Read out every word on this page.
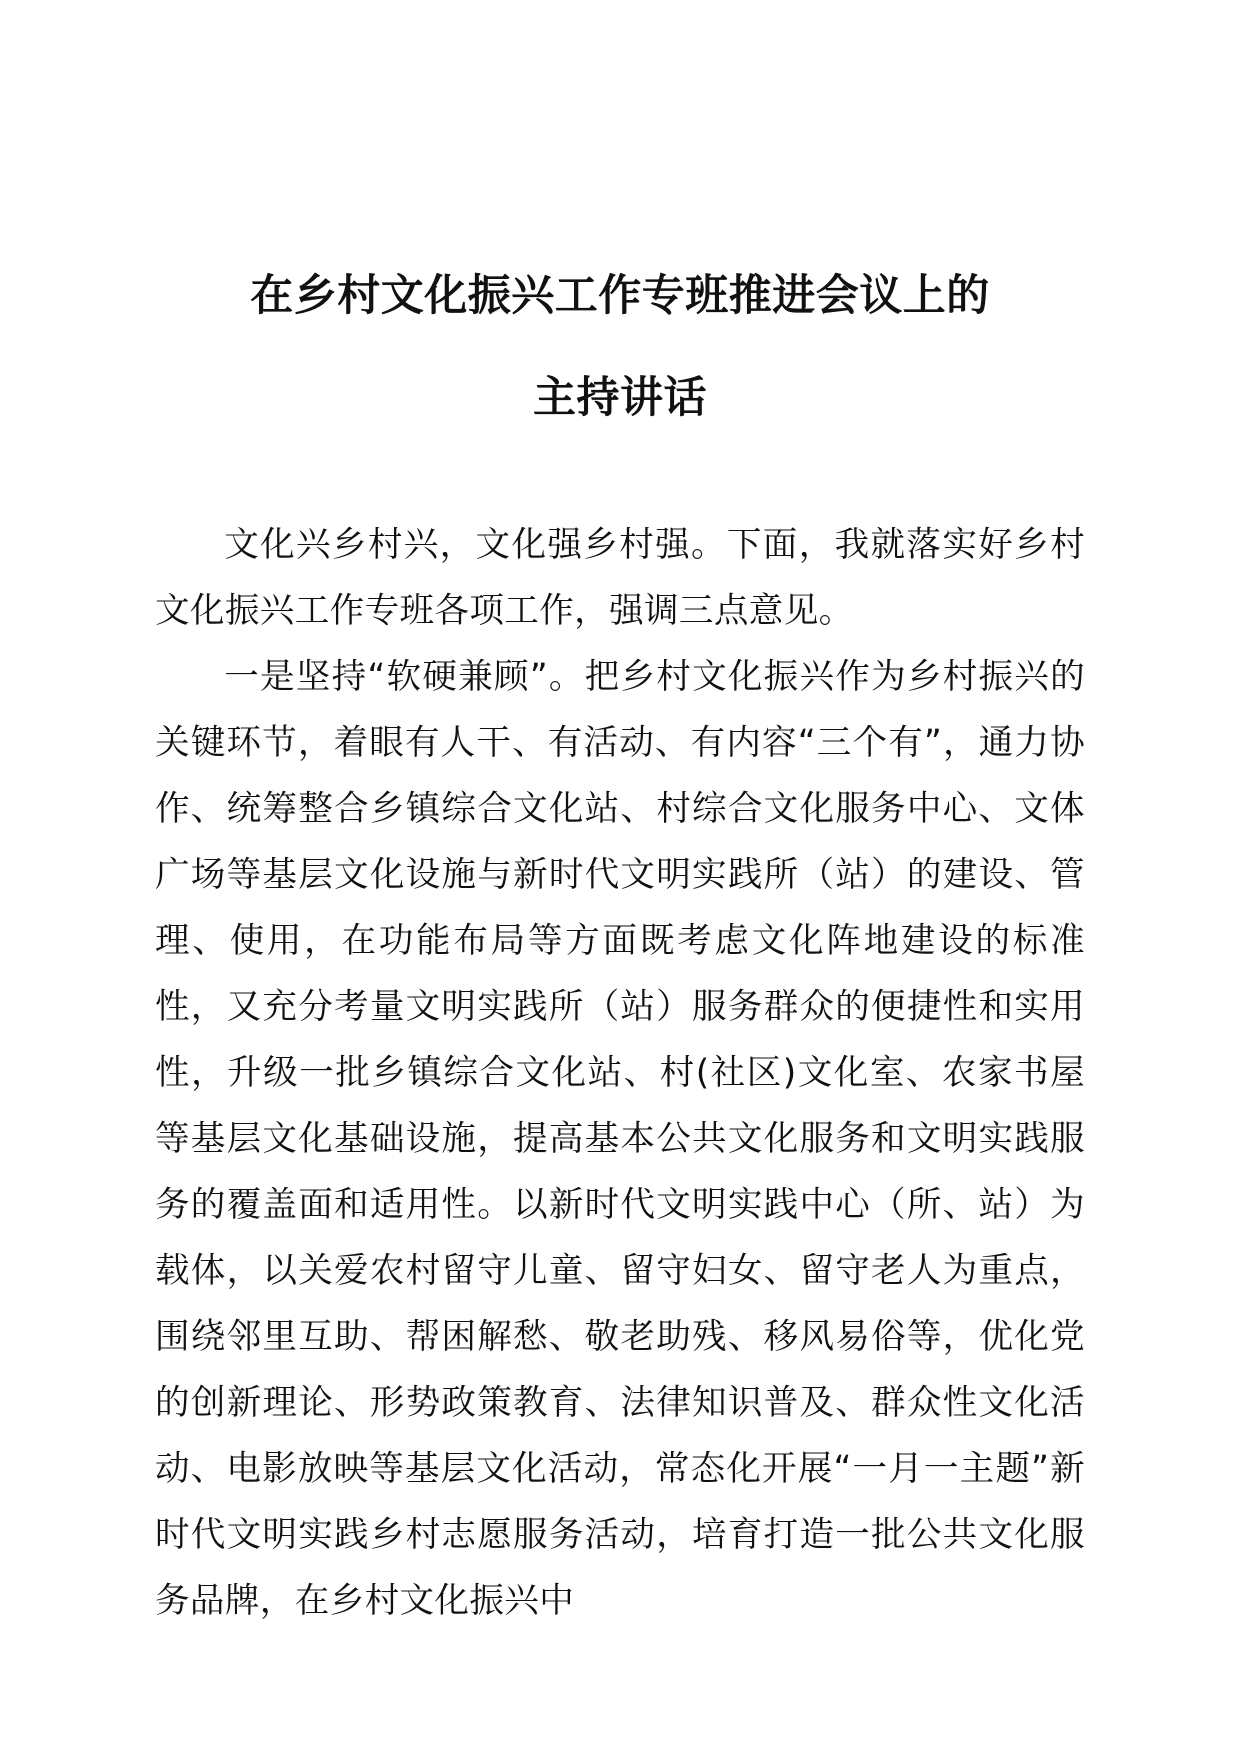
在乡村文化振兴工作专班推进会议上的
主持讲话

文化兴乡村兴，文化强乡村强。下面，我就落实好乡村文化振兴工作专班各项工作，强调三点意见。

一是坚持“软硬兼顾”。把乡村文化振兴作为乡村振兴的关键环节，着眼有人干、有活动、有内容“三个有”，通力协作、统筹整合乡镇综合文化站、村综合文化服务中心、文体广场等基层文化设施与新时代文明实践所（站）的建设、管理、使用，在功能布局等方面既考虑文化阵地建设的标准性，又充分考量文明实践所（站）服务群众的便捷性和实用性，升级一批乡镇综合文化站、村(社区)文化室、农家书屋等基层文化基础设施，提高基本公共文化服务和文明实践服务的覆盖面和适用性。以新时代文明实践中心（所、站）为载体，以关爱农村留守儿童、留守妇女、留守老人为重点，围绕邻里互助、帮困解愁、敬老助残、移风易俗等，优化党的创新理论、形势政策教育、法律知识普及、群众性文化活动、电影放映等基层文化活动，常态化开展“一月一主题”新时代文明实践乡村志愿服务活动，培育打造一批公共文化服务品牌，在乡村文化振兴中
